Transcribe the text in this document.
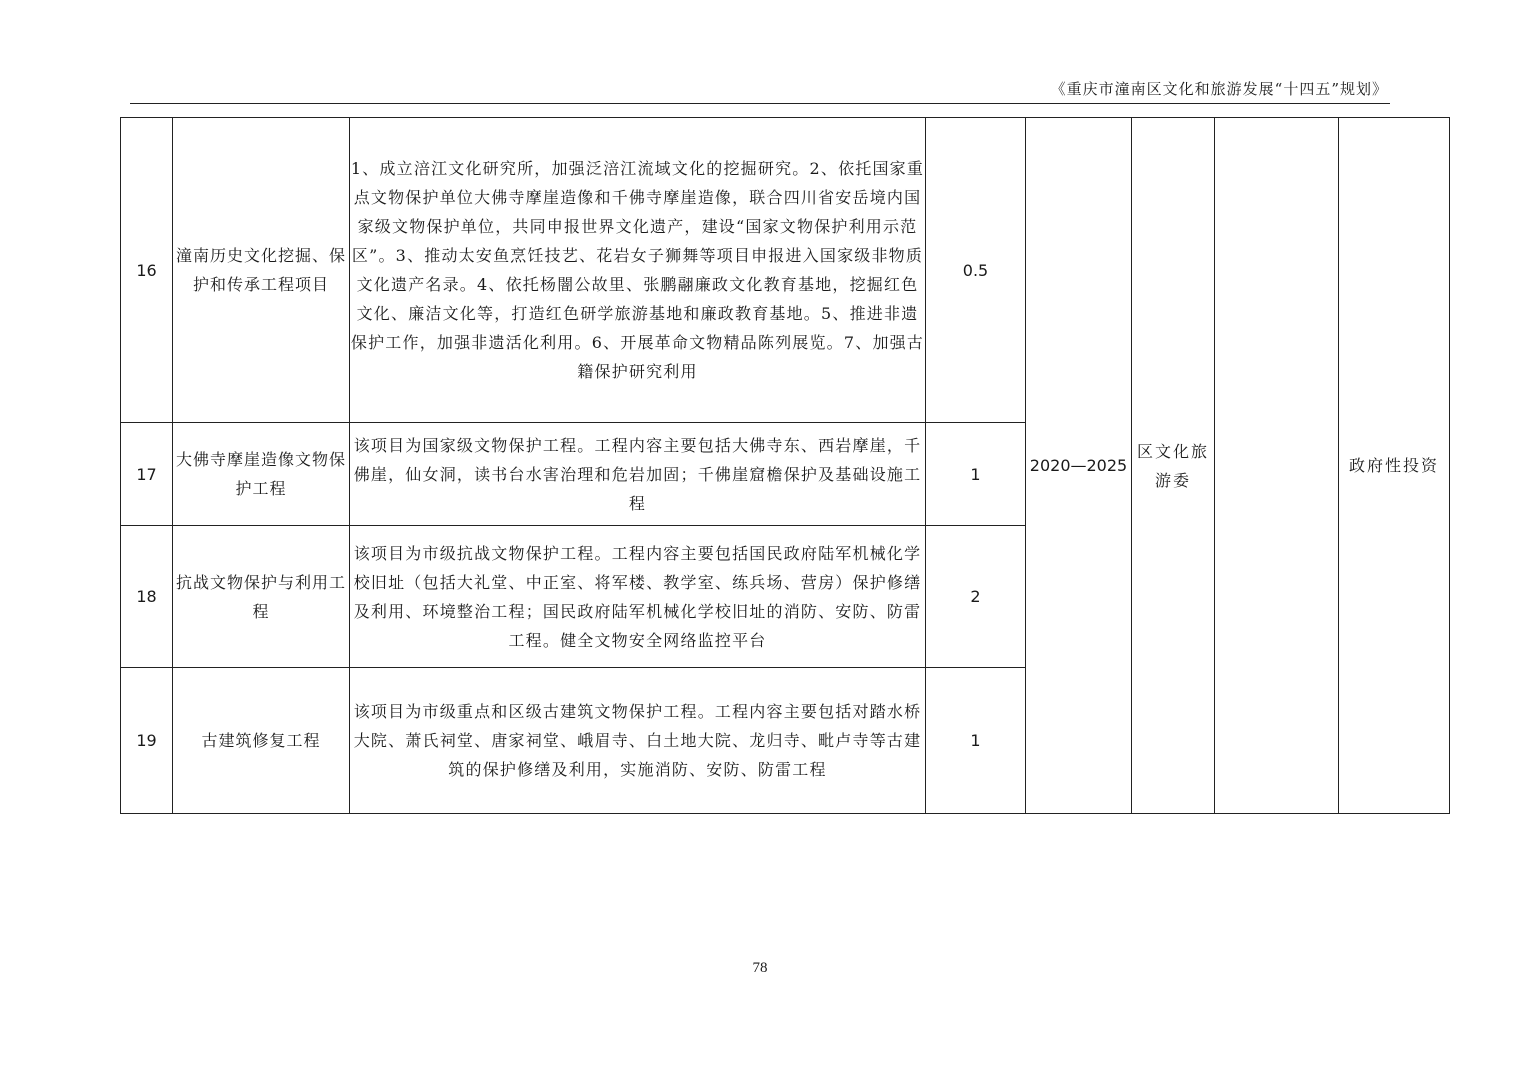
《重庆市潼南区文化和旅游发展“十四五”规划》
16	潼南历史文化挖掘、保护和传承工程项目	1、成立涪江文化研究所，加强泛涪江流域文化的挖掘研究。2、依托国家重点文物保护单位大佛寺摩崖造像和千佛寺摩崖造像，联合四川省安岳境内国家级文物保护单位，共同申报世界文化遗产，建设“国家文物保护利用示范区”。3、推动太安鱼烹饪技艺、花岩女子狮舞等项目申报进入国家级非物质文化遗产名录。4、依托杨闇公故里、张鹏翮廉政文化教育基地，挖掘红色文化、廉洁文化等，打造红色研学旅游基地和廉政教育基地。5、推进非遗保护工作，加强非遗活化利用。6、开展革命文物精品陈列展览。7、加强古籍保护研究利用	0.5	2020—2025	区文化旅游委		政府性投资
17	大佛寺摩崖造像文物保护工程	该项目为国家级文物保护工程。工程内容主要包括大佛寺东、西岩摩崖，千佛崖，仙女洞，读书台水害治理和危岩加固；千佛崖窟檐保护及基础设施工程	1				
18	抗战文物保护与利用工程	该项目为市级抗战文物保护工程。工程内容主要包括国民政府陆军机械化学校旧址（包括大礼堂、中正室、将军楼、教学室、练兵场、营房）保护修缮及利用、环境整治工程；国民政府陆军机械化学校旧址的消防、安防、防雷工程。健全文物安全网络监控平台	2				
19	古建筑修复工程	该项目为市级重点和区级古建筑文物保护工程。工程内容主要包括对踏水桥大院、萧氏祠堂、唐家祠堂、峨眉寺、白土地大院、龙归寺、毗卢寺等古建筑的保护修缮及利用，实施消防、安防、防雷工程	1				
78
